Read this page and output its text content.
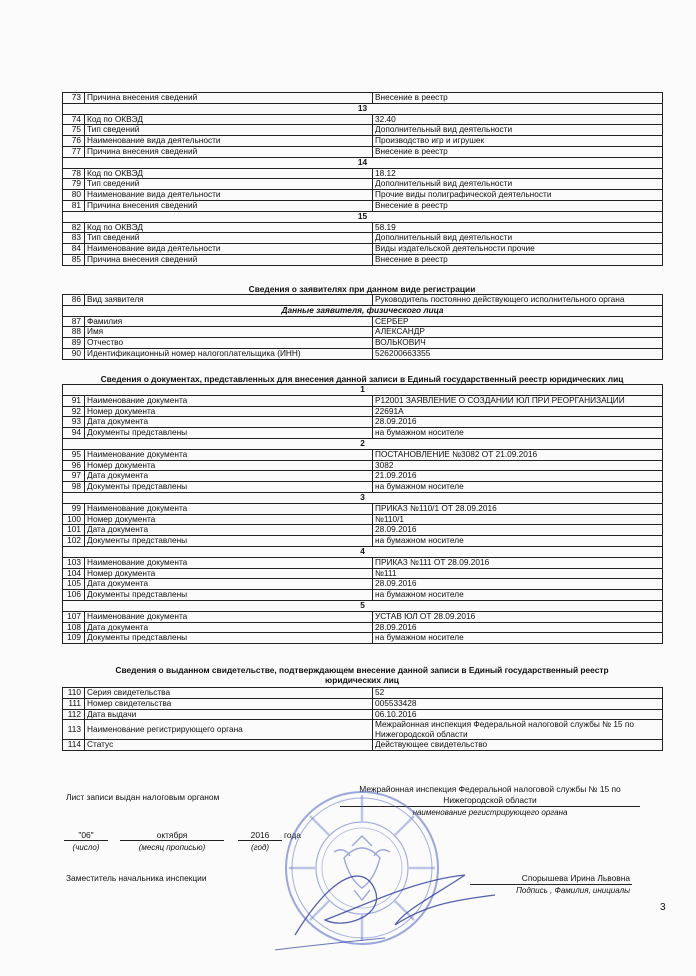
73	Причина внесения сведений	Внесение в реестр
13		
74	Код по ОКВЭД	32.40
75	Тип сведений	Дополнительный вид деятельности
76	Наименование вида деятельности	Производство игр и игрушек
77	Причина внесения сведений	Внесение в реестр
14		
78	Код по ОКВЭД	18.12
79	Тип сведений	Дополнительный вид деятельности
80	Наименование вида деятельности	Прочие виды полиграфической деятельности
81	Причина внесения сведений	Внесение в реестр
15		
82	Код по ОКВЭД	58.19
83	Тип сведений	Дополнительный вид деятельности
84	Наименование вида деятельности	Виды издательской деятельности прочие
85	Причина внесения сведений	Внесение в реестр
Сведения о заявителях при данном виде регистрации
86	Вид заявителя	Руководитель постоянно действующего исполнительного органа
Данные заявителя, физического лица		
87	Фамилия	СЕРБЕР
88	Имя	АЛЕКСАНДР
89	Отчество	ВОЛЬКОВИЧ
90	Идентификационный номер налогоплательщика (ИНН)	526200663355
Сведения о документах, представленных для внесения данной записи в Единый государственный реестр юридических лиц
1		
91	Наименование документа	Р12001 ЗАЯВЛЕНИЕ О СОЗДАНИИ ЮЛ ПРИ РЕОРГАНИЗАЦИИ
92	Номер документа	22691А
93	Дата документа	28.09.2016
94	Документы представлены	на бумажном носителе
2		
95	Наименование документа	ПОСТАНОВЛЕНИЕ №3082 ОТ 21.09.2016
96	Номер документа	3082
97	Дата документа	21.09.2016
98	Документы представлены	на бумажном носителе
3		
99	Наименование документа	ПРИКАЗ №110/1 ОТ 28.09.2016
100	Номер документа	№110/1
101	Дата документа	28.09.2016
102	Документы представлены	на бумажном носителе
4		
103	Наименование документа	ПРИКАЗ №111 ОТ 28.09.2016
104	Номер документа	№111
105	Дата документа	28.09.2016
106	Документы представлены	на бумажном носителе
5		
107	Наименование документа	УСТАВ ЮЛ ОТ 28.09.2016
108	Дата документа	28.09.2016
109	Документы представлены	на бумажном носителе
Сведения о выданном свидетельстве, подтверждающем внесение данной записи в Единый государственный реестр
юридических лиц
110	Серия свидетельства	52
111	Номер свидетельства	005533428
112	Дата выдачи	06.10.2016
113	Наименование регистрирующего органа	Межрайонная инспекция Федеральной налоговой службы № 15 по Нижегородской области
114	Статус	Действующее свидетельство
Лист записи выдан налоговым органом
Межрайонная инспекция Федеральной налоговой службы № 15 по
Нижегородской области
наименование регистрирующего органа
"06"
(число)
октября
(месяц прописью)
2016	года
(год)
Заместитель начальника инспекции	Спорышева Ирина Львовна
Подпись , Фамилия, инициалы
3
